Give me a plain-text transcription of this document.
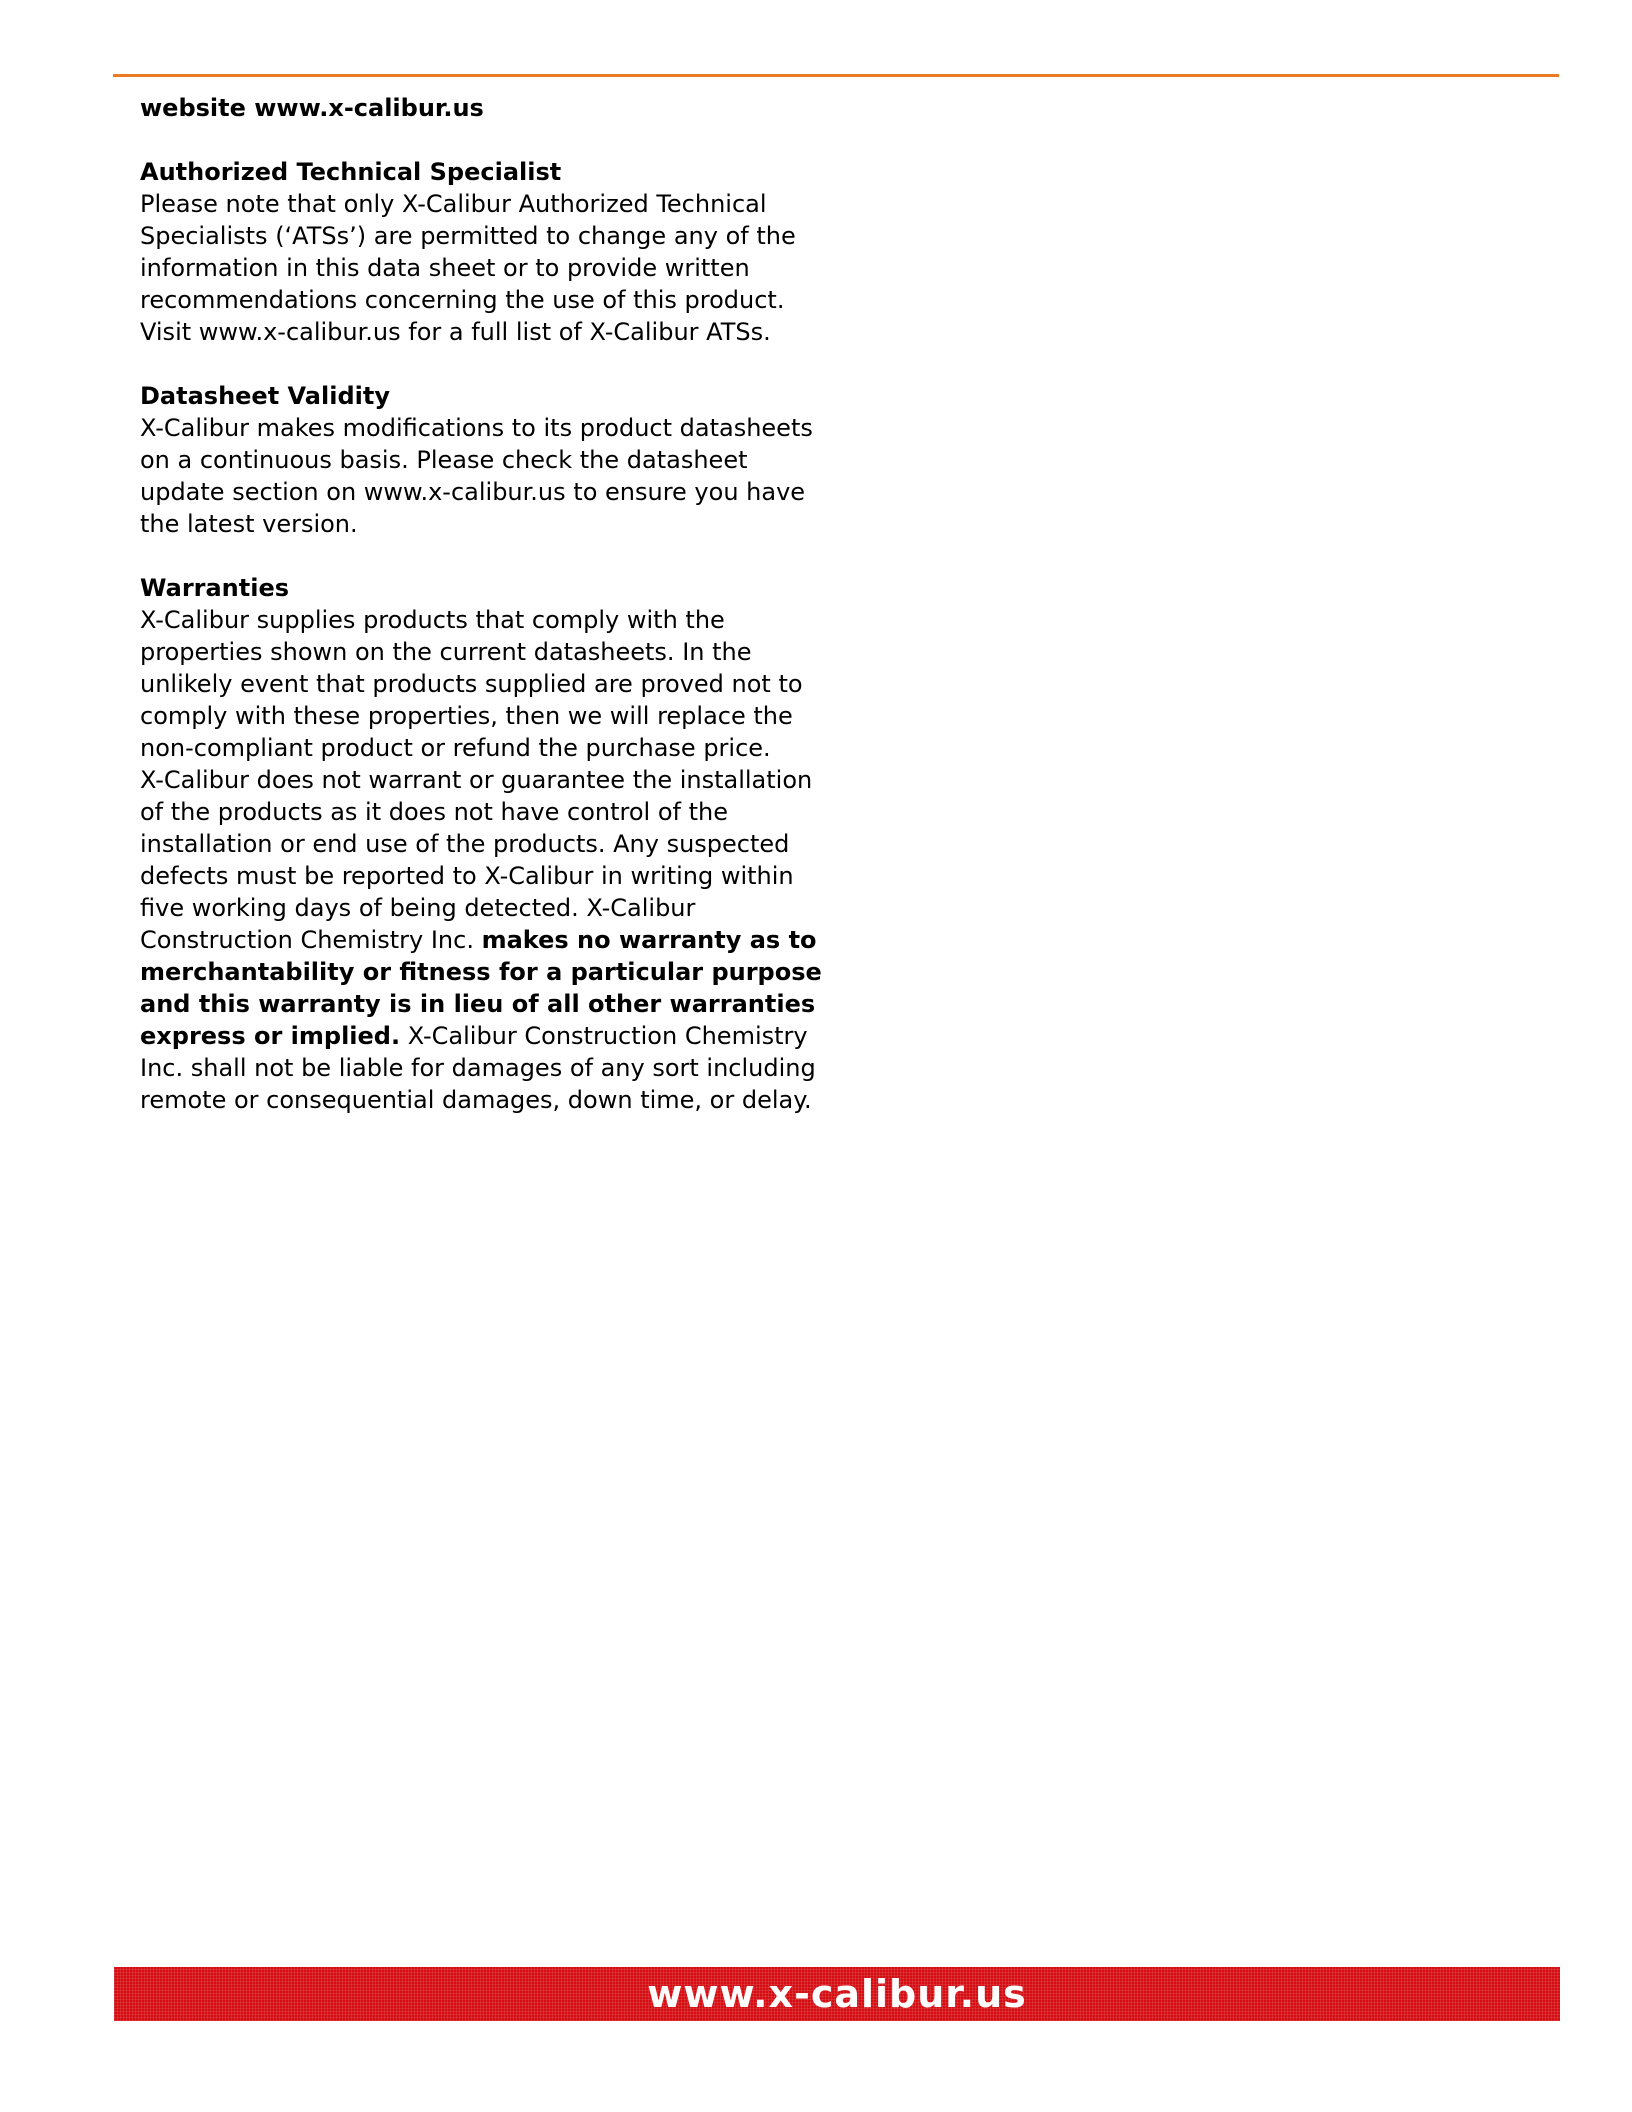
website www.x-calibur.us

Authorized Technical Specialist
Please note that only X-Calibur Authorized Technical
Specialists (‘ATSs’) are permitted to change any of the
information in this data sheet or to provide written
recommendations concerning the use of this product.
Visit www.x-calibur.us for a full list of X-Calibur ATSs.
Datasheet Validity
X-Calibur makes modifications to its product datasheets
on a continuous basis. Please check the datasheet
update section on www.x-calibur.us to ensure you have
the latest version.
Warranties
X-Calibur supplies products that comply with the
properties shown on the current datasheets. In the
unlikely event that products supplied are proved not to
comply with these properties, then we will replace the
non-compliant product or refund the purchase price.
X-Calibur does not warrant or guarantee the installation
of the products as it does not have control of the
installation or end use of the products. Any suspected
defects must be reported to X-Calibur in writing within
five working days of being detected. X-Calibur
Construction Chemistry Inc. makes no warranty as to
merchantability or fitness for a particular purpose
and this warranty is in lieu of all other warranties
express or implied. X-Calibur Construction Chemistry
Inc. shall not be liable for damages of any sort including
remote or consequential damages, down time, or delay.
www.x-calibur.us
